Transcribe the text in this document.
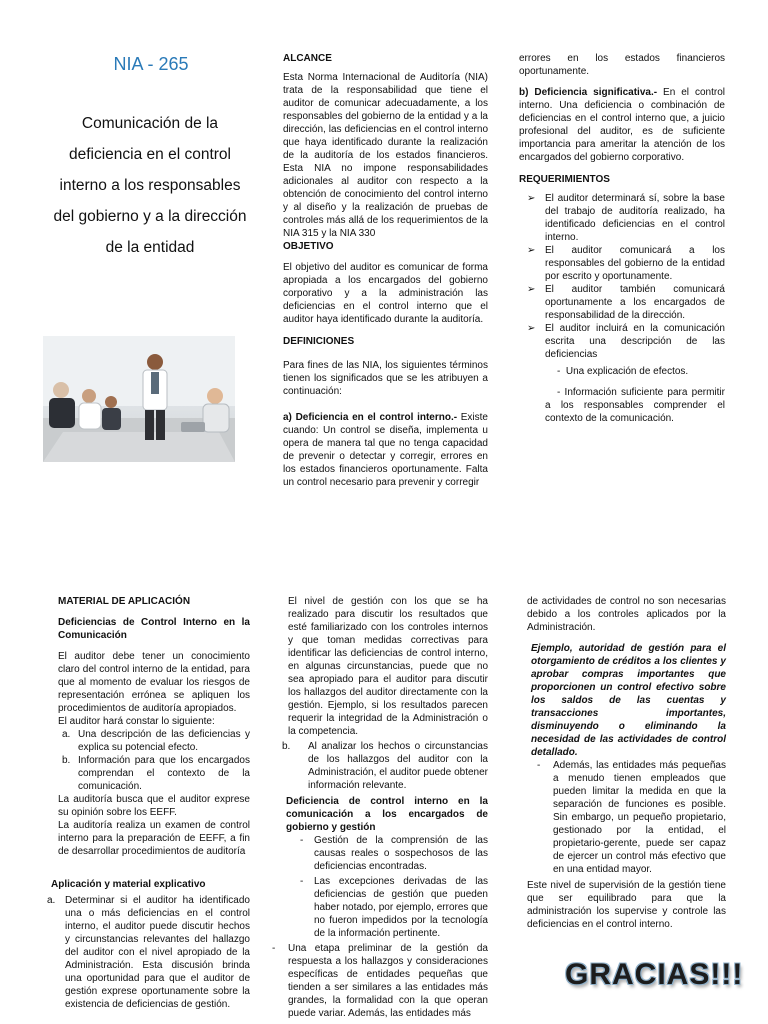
NIA - 265
Comunicación de la deficiencia en el control interno a los responsables del gobierno y a la dirección de la entidad

ALCANCE

Esta Norma Internacional de Auditoría (NIA) trata de la responsabilidad que tiene el auditor de comunicar adecuadamente, a los responsables del gobierno de la entidad y a la dirección, las deficiencias en el control interno que haya identificado durante la realización de la auditoría de los estados financieros. Esta NIA no impone responsabilidades adicionales al auditor con respecto a la obtención de conocimiento del control interno y al diseño y la realización de pruebas de controles más allá de los requerimientos de la NIA 315 y la NIA 330

OBJETIVO

El objetivo del auditor es comunicar de forma apropiada a los encargados del gobierno corporativo y a la administración las deficiencias en el control interno que el auditor haya identificado durante la auditoría.

DEFINICIONES

Para fines de las NIA, los siguientes términos tienen los significados que se les atribuyen a continuación:

a) Deficiencia en el control interno.- Existe cuando: Un control se diseña, implementa u opera de manera tal que no tenga capacidad de prevenir o detectar y corregir, errores en los estados financieros oportunamente. Falta un control necesario para prevenir y corregir

errores en los estados financieros oportunamente.

b) Deficiencia significativa.- En el control interno. Una deficiencia o combinación de deficiencias en el control interno que, a juicio profesional del auditor, es de suficiente importancia para ameritar la atención de los encargados del gobierno corporativo.

REQUERIMIENTOS

➢ El auditor determinará sí, sobre la base del trabajo de auditoría realizado, ha identificado deficiencias en el control interno.
➢ El auditor comunicará a los responsables del gobierno de la entidad por escrito y oportunamente.
➢ El auditor también comunicará oportunamente a los encargados de responsabilidad de la dirección.
➢ El auditor incluirá en la comunicación escrita una descripción de las deficiencias

-  Una explicación de efectos.

- Información suficiente para permitir a los responsables comprender el contexto de la comunicación.

MATERIAL DE APLICACIÓN

Deficiencias de Control Interno en la Comunicación

El auditor debe tener un conocimiento claro del control interno de la entidad, para que al momento de evaluar los riesgos de representación errónea se apliquen los procedimientos de auditoría apropiados.

El auditor hará constar lo siguiente:

a. Una descripción de las deficiencias y explica su potencial efecto.
b. Información para que los encargados comprendan el contexto de la comunicación.

La auditoría busca que el auditor exprese su opinión sobre los EEFF.

La auditoría realiza un examen de control interno para la preparación de EEFF, a fin de desarrollar procedimientos de auditoría

Aplicación y material explicativo

a. Determinar si el auditor ha identificado una o más deficiencias en el control interno, el auditor puede discutir hechos y circunstancias relevantes del hallazgo del auditor con el nivel apropiado de la Administración. Esta discusión brinda una oportunidad para que el auditor de gestión exprese oportunamente sobre la existencia de deficiencias de gestión.

El nivel de gestión con los que se ha realizado para discutir los resultados que esté familiarizado con los controles internos y que toman medidas correctivas para identificar las deficiencias de control interno, en algunas circunstancias, puede que no sea apropiado para el auditor para discutir los hallazgos del auditor directamente con la gestión. Ejemplo, si los resultados parecen requerir la integridad de la Administración o la competencia.

b. Al analizar los hechos o circunstancias de los hallazgos del auditor con la Administración, el auditor puede obtener información relevante.

Deficiencia de control interno en la comunicación a los encargados de gobierno y gestión

- Gestión de la comprensión de las causas reales o sospechosos de las deficiencias encontradas.
- Las excepciones derivadas de las deficiencias de gestión que pueden haber notado, por ejemplo, errores que no fueron impedidos por la tecnología de la información pertinente.
- Una etapa preliminar de la gestión da respuesta a los hallazgos y consideraciones específicas de entidades pequeñas que tienden a ser similares a las entidades más grandes, la formalidad con la que operan puede variar. Además, las entidades más

de actividades de control no son necesarias debido a los controles aplicados por la Administración.

Ejemplo, autoridad de gestión para el otorgamiento de créditos a los clientes y aprobar compras importantes que proporcionen un control efectivo sobre los saldos de las cuentas y transacciones importantes, disminuyendo o eliminando la necesidad de las actividades de control detallado.

- Además, las entidades más pequeñas a menudo tienen empleados que pueden limitar la medida en que la separación de funciones es posible. Sin embargo, un pequeño propietario, gestionado por la entidad, el propietario-gerente, puede ser capaz de ejercer un control más efectivo que en una entidad mayor.

Este nivel de supervisión de la gestión tiene que ser equilibrado para que la administración los supervise y controle las deficiencias en el control interno.

GRACIAS!!!
